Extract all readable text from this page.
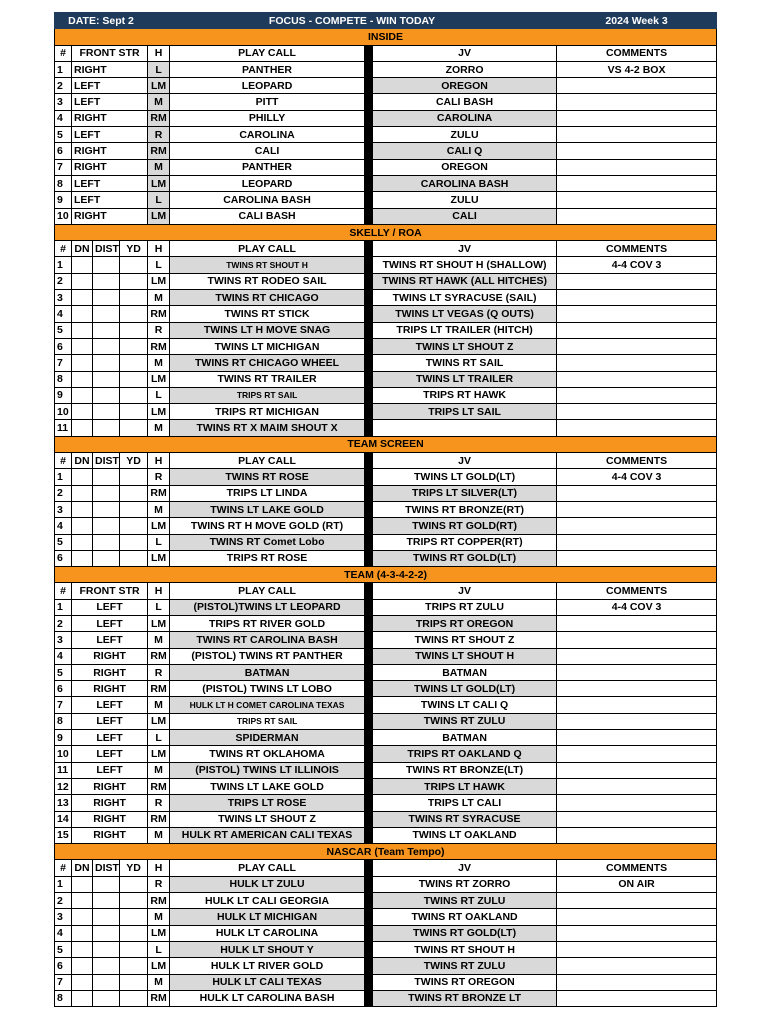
DATE: Sept 2				FOCUS - COMPETE - WIN TODAY				2024 Week 3
INSIDE								
#	FRONT STR			H	PLAY CALL		JV	COMMENTS
1	RIGHT			L	PANTHER		ZORRO	VS 4-2 BOX
2	LEFT			LM	LEOPARD		OREGON	
3	LEFT			M	PITT		CALI BASH	
4	RIGHT			RM	PHILLY		CAROLINA	
5	LEFT			R	CAROLINA		ZULU	
6	RIGHT			RM	CALI		CALI Q	
7	RIGHT			M	PANTHER		OREGON	
8	LEFT			LM	LEOPARD		CAROLINA BASH	
9	LEFT			L	CAROLINA BASH		ZULU	
10	RIGHT			LM	CALI BASH		CALI	
SKELLY / ROA								
#	DN	DIST	YD	H	PLAY CALL		JV	COMMENTS
1				L	TWINS RT SHOUT H		TWINS RT SHOUT H (SHALLOW)	4-4 COV 3
2				LM	TWINS RT RODEO SAIL		TWINS RT HAWK (ALL HITCHES)	
3				M	TWINS RT CHICAGO		TWINS LT SYRACUSE (SAIL)	
4				RM	TWINS RT STICK		TWINS LT VEGAS (Q OUTS)	
5				R	TWINS LT H MOVE SNAG		TRIPS LT TRAILER (HITCH)	
6				RM	TWINS LT MICHIGAN		TWINS LT SHOUT Z	
7				M	TWINS RT CHICAGO WHEEL		TWINS RT SAIL	
8				LM	TWINS RT TRAILER		TWINS LT TRAILER	
9				L	TRIPS RT SAIL		TRIPS RT HAWK	
10				LM	TRIPS RT MICHIGAN		TRIPS LT SAIL	
11				M	TWINS RT X MAIM SHOUT X			
TEAM SCREEN								
#	DN	DIST	YD	H	PLAY CALL		JV	COMMENTS
1				R	TWINS RT ROSE		TWINS LT GOLD(LT)	4-4 COV 3
2				RM	TRIPS LT LINDA		TRIPS LT SILVER(LT)	
3				M	TWINS LT LAKE GOLD		TWINS RT BRONZE(RT)	
4				LM	TWINS RT H MOVE GOLD (RT)		TWINS RT GOLD(RT)	
5				L	TWINS RT Comet Lobo		TRIPS RT COPPER(RT)	
6				LM	TRIPS RT ROSE		TWINS RT GOLD(LT)	
TEAM (4-3-4-2-2)								
#	FRONT STR			H	PLAY CALL		JV	COMMENTS
1	LEFT			L	(PISTOL)TWINS LT LEOPARD		TRIPS RT ZULU	4-4 COV 3
2	LEFT			LM	TRIPS RT RIVER GOLD		TRIPS RT OREGON	
3	LEFT			M	TWINS RT CAROLINA BASH		TWINS RT SHOUT Z	
4	RIGHT			RM	(PISTOL) TWINS RT PANTHER		TWINS LT SHOUT H	
5	RIGHT			R	BATMAN		BATMAN	
6	RIGHT			RM	(PISTOL) TWINS LT LOBO		TWINS LT GOLD(LT)	
7	LEFT			M	HULK LT H COMET CAROLINA TEXAS		TWINS LT CALI Q	
8	LEFT			LM	TRIPS RT SAIL		TWINS RT ZULU	
9	LEFT			L	SPIDERMAN		BATMAN	
10	LEFT			LM	TWINS RT OKLAHOMA		TRIPS RT OAKLAND Q	
11	LEFT			M	(PISTOL) TWINS LT ILLINOIS		TWINS RT BRONZE(LT)	
12	RIGHT			RM	TWINS LT LAKE GOLD		TRIPS LT HAWK	
13	RIGHT			R	TRIPS LT ROSE		TRIPS LT CALI	
14	RIGHT			RM	TWINS LT SHOUT Z		TWINS RT SYRACUSE	
15	RIGHT			M	HULK RT AMERICAN CALI TEXAS		TWINS LT OAKLAND	
NASCAR (Team Tempo)								
#	DN	DIST	YD	H	PLAY CALL		JV	COMMENTS
1				R	HULK LT ZULU		TWINS RT ZORRO	ON AIR
2				RM	HULK LT CALI GEORGIA		TWINS RT ZULU	
3				M	HULK LT MICHIGAN		TWINS RT OAKLAND	
4				LM	HULK LT CAROLINA		TWINS RT GOLD(LT)	
5				L	HULK LT SHOUT Y		TWINS RT SHOUT H	
6				LM	HULK LT RIVER GOLD		TWINS RT ZULU	
7				M	HULK LT CALI TEXAS		TWINS RT OREGON	
8				RM	HULK LT CAROLINA BASH		TWINS RT BRONZE LT	
